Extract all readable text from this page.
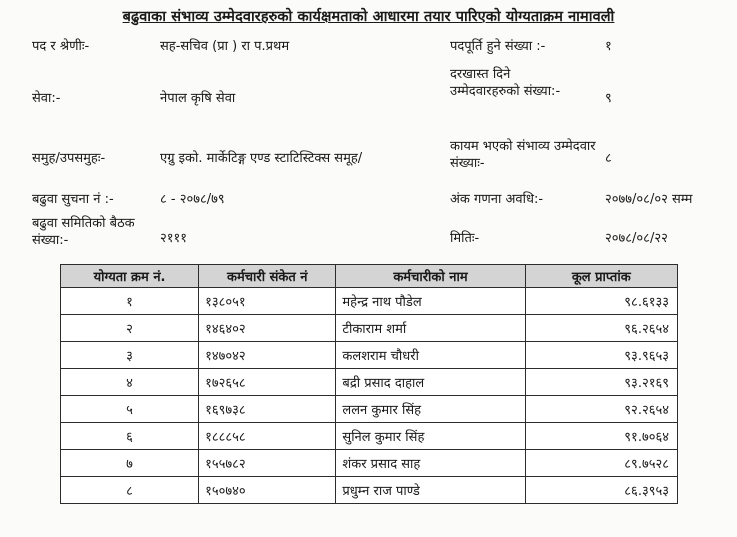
बढुवाका संभाव्य उम्मेदवारहरुको कार्यक्षमताको आधारमा तयार पारिएको योग्यताक्रम नामावली
पद र श्रेणीः-	सह-सचिव (प्रा ) रा प.प्रथम	पदपूर्ति हुने संख्या :-	१
सेवा:-	नेपाल कृषि सेवा
दरखास्त दिने उम्मेदवारहरुको संख्या:-	९
समुह/उपसमुहः-	एग्रु इको. मार्केटिङ्ग एण्ड स्टाटिस्टिक्स समूह/
कायम भएको संभाव्य उम्मेदवार संख्याः-	८
बढुवा सुचना नं :-	८ - २०७८/७९	अंक गणना अवधि:-	२०७७/०८/०२ सम्म
बढुवा समितिको बैठक संख्या:-	२१११	मितिः-	२०७८/०८/२२
योग्यता क्रम नं.	कर्मचारी संकेत नं	कर्मचारीको नाम	कूल प्राप्तांक
१	१३८०५१	महेन्द्र नाथ पौडेल	९८.६१३३
२	१४६४०२	टीकाराम शर्मा	९६.२६५४
३	१४७०४२	कलशराम चौधरी	९३.९६५३
४	१७२६५८	बद्री प्रसाद दाहाल	९३.२१६९
५	१६९७३८	ललन कुमार सिंह	९२.२६५४
६	१८८८५८	सुनिल कुमार सिंह	९१.७०६४
७	१५५७८२	शंकर प्रसाद साह	८९.७५२८
८	१५०७४०	प्रधुम्न राज पाण्डे	८६.३९५३
